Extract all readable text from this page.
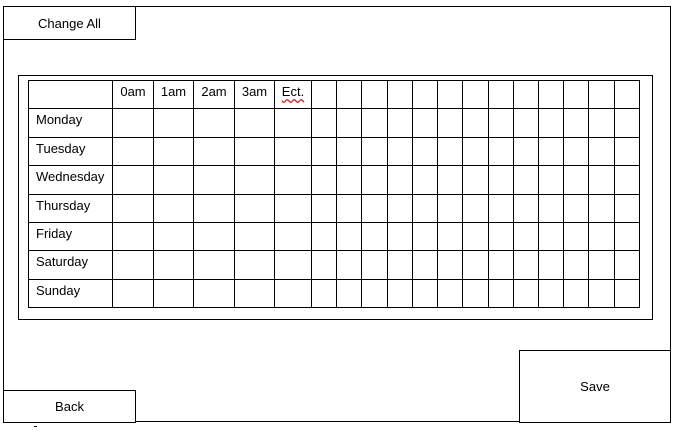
Change All
	0am	1am	2am	3am	Ect.													
Monday																		
Tuesday																		
Wednesday																		
Thursday																		
Friday																		
Saturday																		
Sunday																		
Back
Save
